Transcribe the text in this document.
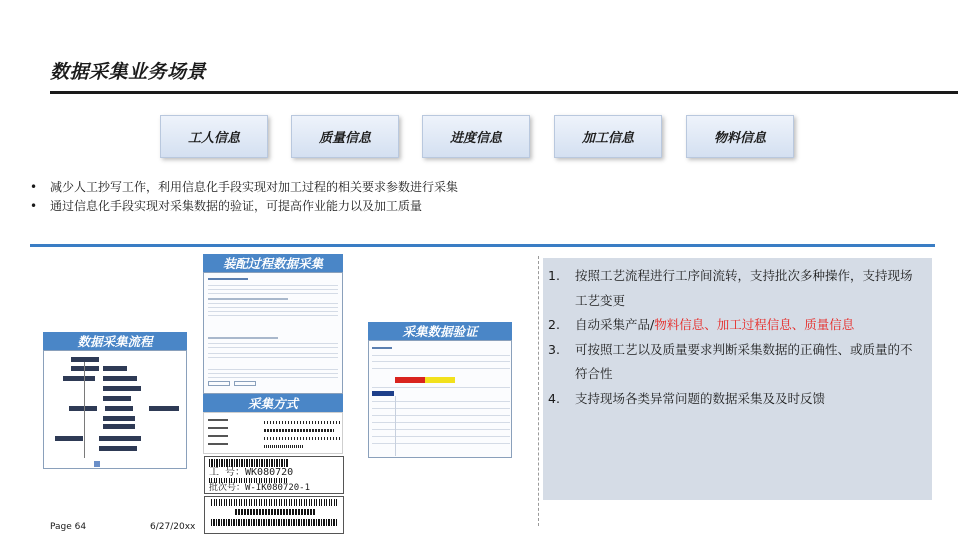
数据采集业务场景
工人信息	质量信息	进度信息	加工信息	物料信息
• 减少人工抄写工作，利用信息化手段实现对加工过程的相关要求参数进行采集
• 通过信息化手段实现对采集数据的验证，可提高作业能力以及加工质量
数据采集流程
装配过程数据采集
采集方式
工 号：WK080720
批次号：W-IK080720-1
采集数据验证
1. 按照工艺流程进行工序间流转，支持批次多种操作，支持现场工艺变更
2. 自动采集产品/物料信息、加工过程信息、质量信息
3. 可按照工艺以及质量要求判断采集数据的正确性、或质量的不符合性
4. 支持现场各类异常问题的数据采集及及时反馈
Page 64	6/27/20xx
